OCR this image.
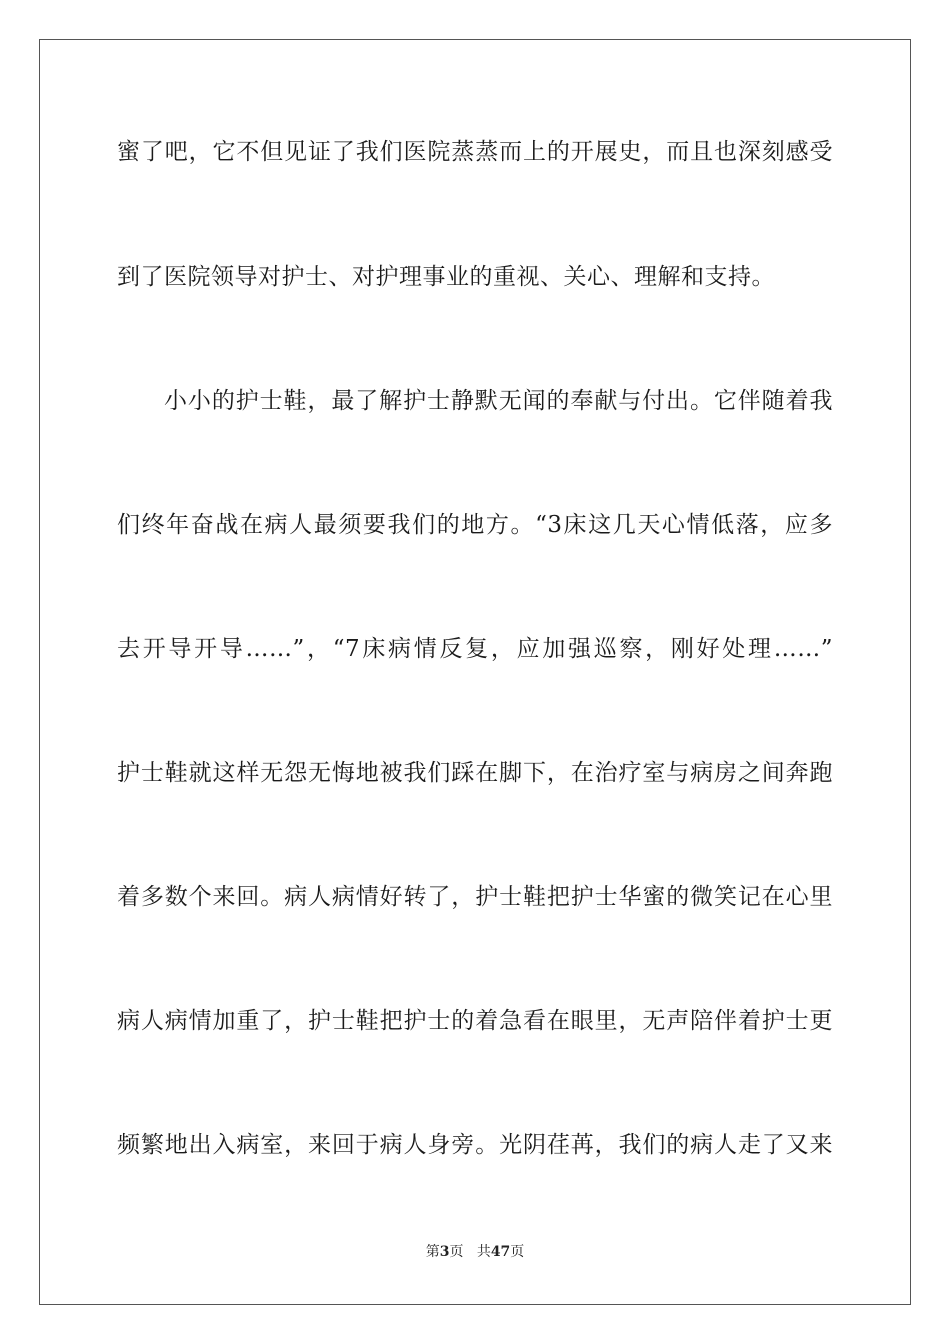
蜜了吧，它不但见证了我们医院蒸蒸而上的开展史，而且也深刻感受
到了医院领导对护士、对护理事业的重视、关心、理解和支持。
小小的护士鞋，最了解护士静默无闻的奉献与付出。它伴随着我
们终年奋战在病人最须要我们的地方。“3床这几天心情低落，应多
去开导开导……”，“7床病情反复，应加强巡察，刚好处理……”
护士鞋就这样无怨无悔地被我们踩在脚下，在治疗室与病房之间奔跑
着多数个来回。病人病情好转了，护士鞋把护士华蜜的微笑记在心里
病人病情加重了，护士鞋把护士的着急看在眼里，无声陪伴着护士更
频繁地出入病室，来回于病人身旁。光阴荏苒，我们的病人走了又来
第3页 共47页
